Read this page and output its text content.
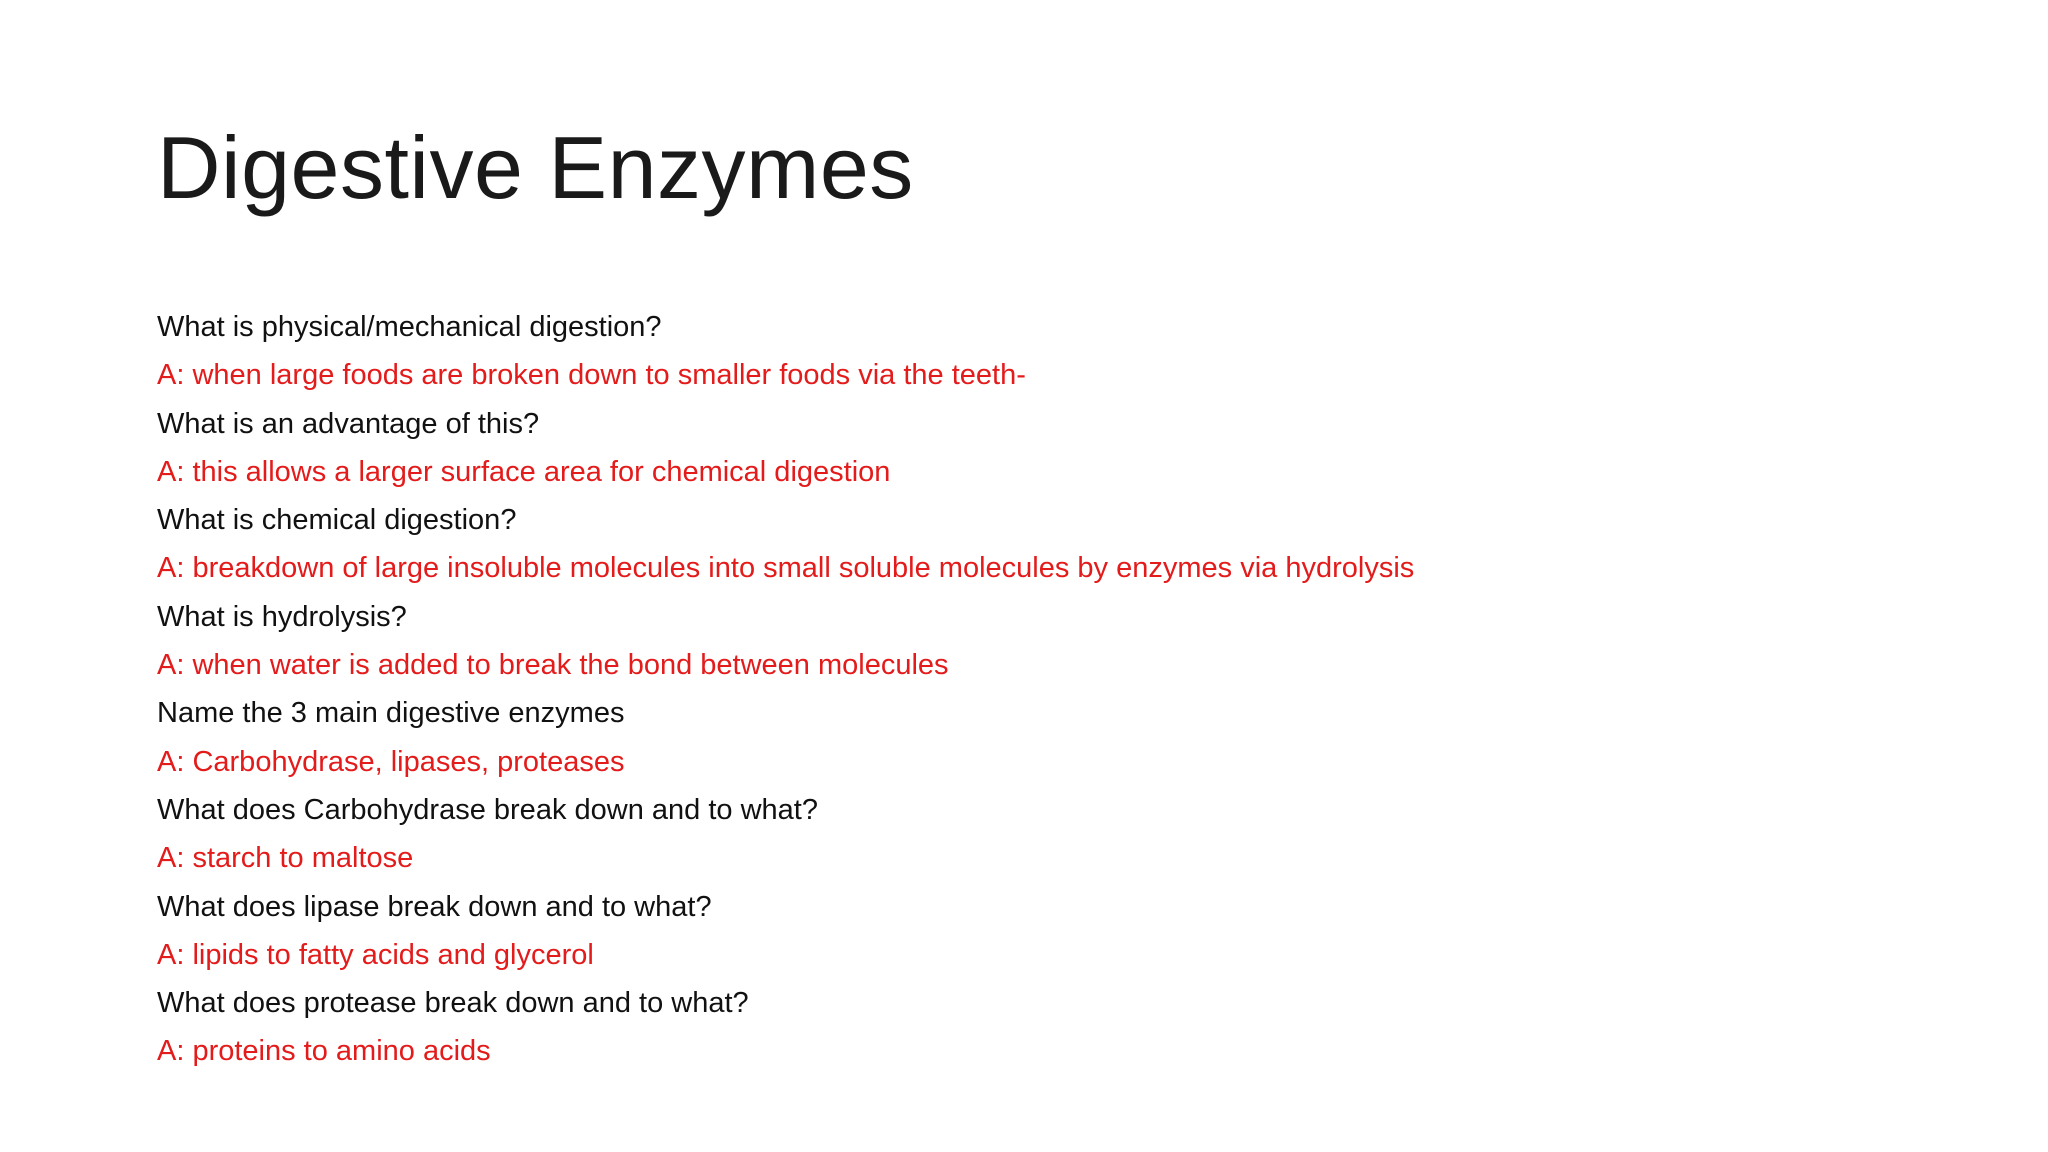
Digestive Enzymes
What is physical/mechanical digestion?
A: when large foods are broken down to smaller foods via the teeth-
What is an advantage of this?
A: this allows a larger surface area for chemical digestion
What is chemical digestion?
A: breakdown of large insoluble molecules into small soluble molecules by enzymes via hydrolysis
What is hydrolysis?
A: when water is added to break the bond between molecules
Name the 3 main digestive enzymes
A: Carbohydrase, lipases, proteases
What does Carbohydrase break down and to what?
A: starch to maltose
What does lipase break down and to what?
A: lipids to fatty acids and glycerol
What does protease break down and to what?
A: proteins to amino acids
